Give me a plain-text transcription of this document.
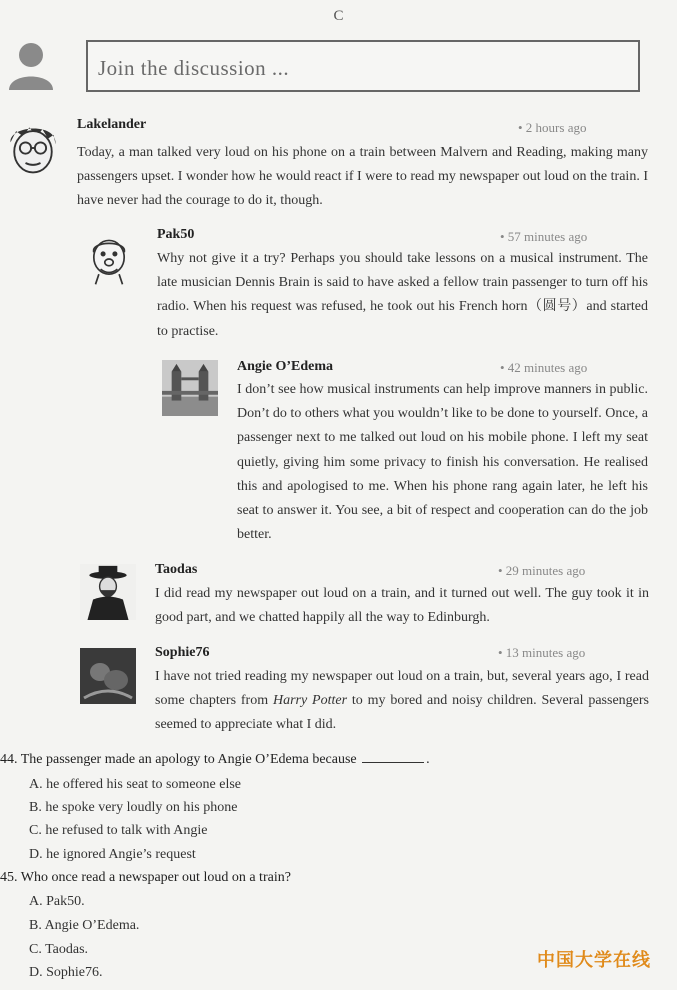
C
Join the discussion ...
Lakelander	• 2 hours ago

Today, a man talked very loud on his phone on a train between Malvern and Reading, making many passengers upset. I wonder how he would react if I were to read my newspaper out loud on the train. I have never had the courage to do it, though.

Pak50	• 57 minutes ago

Why not give it a try? Perhaps you should take lessons on a musical instrument. The late musician Dennis Brain is said to have asked a fellow train passenger to turn off his radio. When his request was refused, he took out his French horn（圆号）and started to practise.

Angie O’Edema	• 42 minutes ago

I don’t see how musical instruments can help improve manners in public. Don’t do to others what you wouldn’t like to be done to yourself. Once, a passenger next to me talked out loud on his mobile phone. I left my seat quietly, giving him some privacy to finish his conversation. He realised this and apologised to me. When his phone rang again later, he left his seat to answer it. You see, a bit of respect and cooperation can do the job better.

Taodas	• 29 minutes ago

I did read my newspaper out loud on a train, and it turned out well. The guy took it in good part, and we chatted happily all the way to Edinburgh.

Sophie76	• 13 minutes ago

I have not tried reading my newspaper out loud on a train, but, several years ago, I read some chapters from Harry Potter to my bored and noisy children. Several passengers seemed to appreciate what I did.

44. The passenger made an apology to Angie O’Edema because	.
A. he offered his seat to someone else
B. he spoke very loudly on his phone
C. he refused to talk with Angie
D. he ignored Angie’s request
45. Who once read a newspaper out loud on a train?
A. Pak50.
B. Angie O’Edema.
C. Taodas.
D. Sophie76.
中国大学在线
